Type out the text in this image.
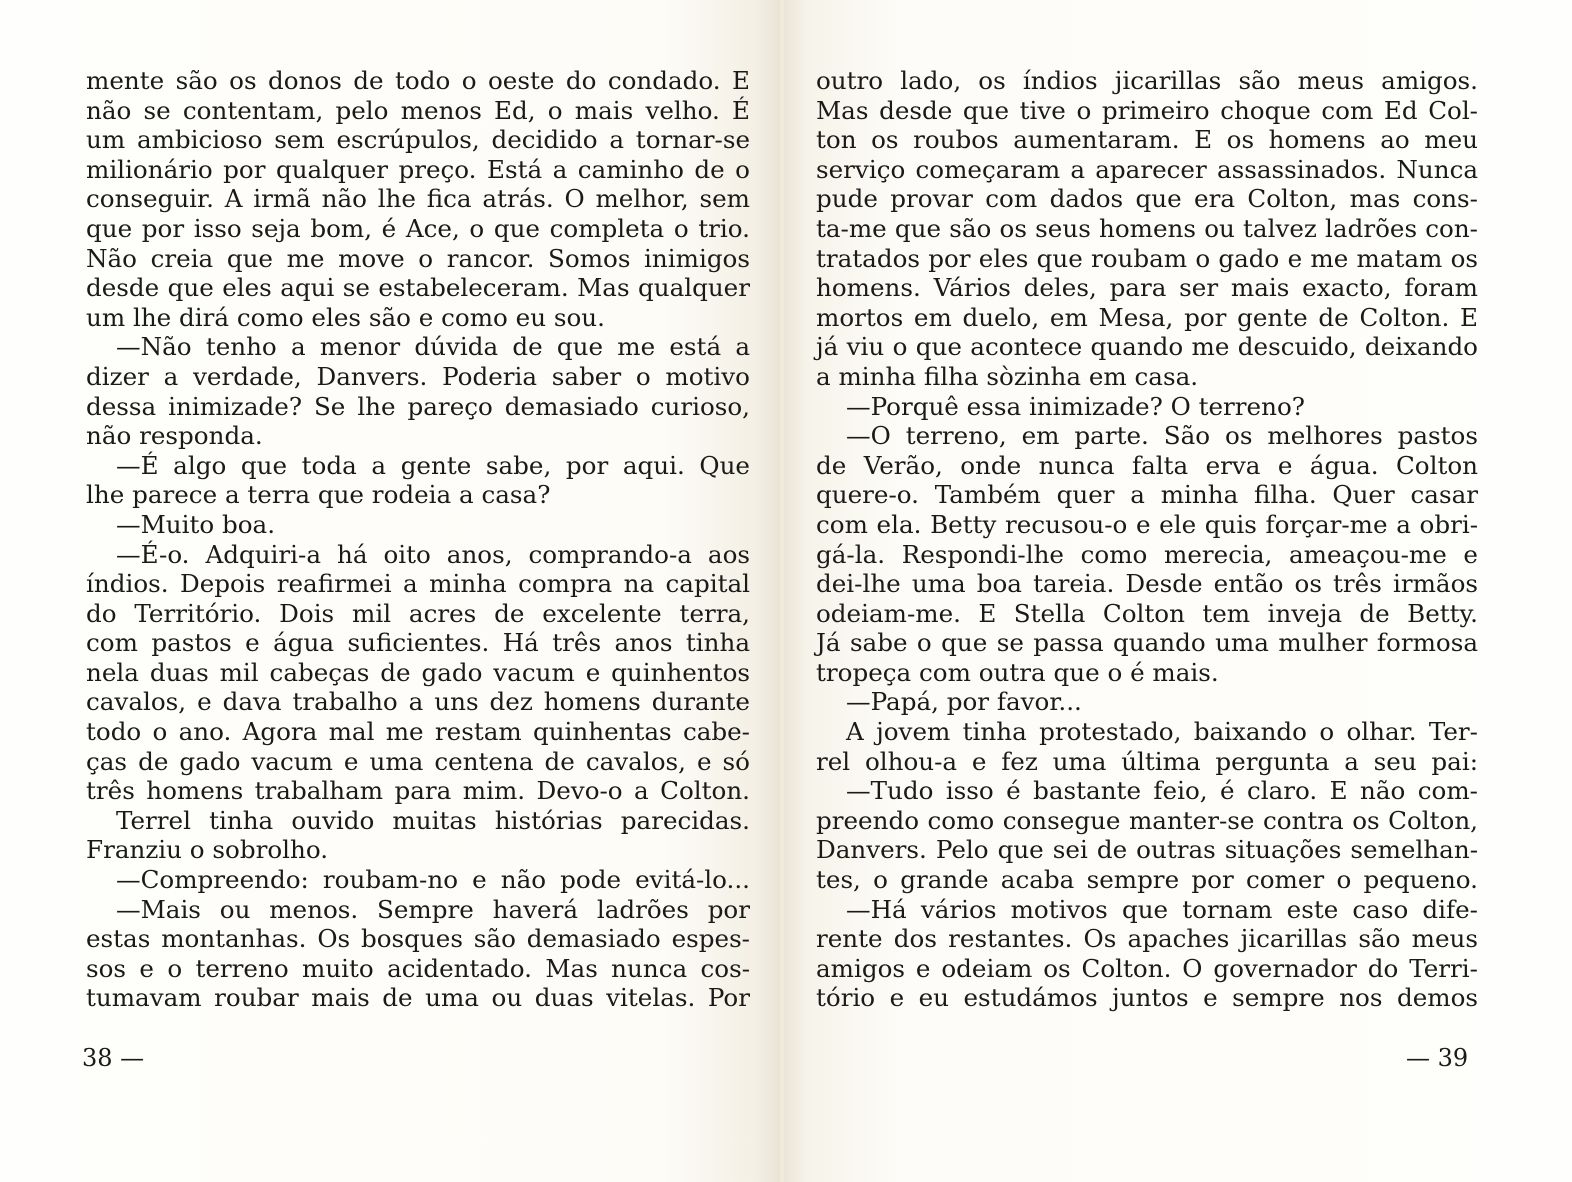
mente são os donos de todo o oeste do condado. E
não se contentam, pelo menos Ed, o mais velho. É
um ambicioso sem escrúpulos, decidido a tornar-se
milionário por qualquer preço. Está a caminho de o
conseguir. A irmã não lhe fica atrás. O melhor, sem
que por isso seja bom, é Ace, o que completa o trio.
Não creia que me move o rancor. Somos inimigos
desde que eles aqui se estabeleceram. Mas qualquer
um lhe dirá como eles são e como eu sou.
—Não tenho a menor dúvida de que me está a
dizer a verdade, Danvers. Poderia saber o motivo
dessa inimizade? Se lhe pareço demasiado curioso,
não responda.
—É algo que toda a gente sabe, por aqui. Que
lhe parece a terra que rodeia a casa?
—Muito boa.
—É-o. Adquiri-a há oito anos, comprando-a aos
índios. Depois reafirmei a minha compra na capital
do Território. Dois mil acres de excelente terra,
com pastos e água suficientes. Há três anos tinha
nela duas mil cabeças de gado vacum e quinhentos
cavalos, e dava trabalho a uns dez homens durante
todo o ano. Agora mal me restam quinhentas cabe-
ças de gado vacum e uma centena de cavalos, e só
três homens trabalham para mim. Devo-o a Colton.
Terrel tinha ouvido muitas histórias parecidas.
Franziu o sobrolho.
—Compreendo: roubam-no e não pode evitá-lo...
—Mais ou menos. Sempre haverá ladrões por
estas montanhas. Os bosques são demasiado espes-
sos e o terreno muito acidentado. Mas nunca cos-
tumavam roubar mais de uma ou duas vitelas. Por
38 —
outro lado, os índios jicarillas são meus amigos.
Mas desde que tive o primeiro choque com Ed Col-
ton os roubos aumentaram. E os homens ao meu
serviço começaram a aparecer assassinados. Nunca
pude provar com dados que era Colton, mas cons-
ta-me que são os seus homens ou talvez ladrões con-
tratados por eles que roubam o gado e me matam os
homens. Vários deles, para ser mais exacto, foram
mortos em duelo, em Mesa, por gente de Colton. E
já viu o que acontece quando me descuido, deixando
a minha filha sòzinha em casa.
—Porquê essa inimizade? O terreno?
—O terreno, em parte. São os melhores pastos
de Verão, onde nunca falta erva e água. Colton
quere-o. Também quer a minha filha. Quer casar
com ela. Betty recusou-o e ele quis forçar-me a obri-
gá-la. Respondi-lhe como merecia, ameaçou-me e
dei-lhe uma boa tareia. Desde então os três irmãos
odeiam-me. E Stella Colton tem inveja de Betty.
Já sabe o que se passa quando uma mulher formosa
tropeça com outra que o é mais.
—Papá, por favor...
A jovem tinha protestado, baixando o olhar. Ter-
rel olhou-a e fez uma última pergunta a seu pai:
—Tudo isso é bastante feio, é claro. E não com-
preendo como consegue manter-se contra os Colton,
Danvers. Pelo que sei de outras situações semelhan-
tes, o grande acaba sempre por comer o pequeno.
—Há vários motivos que tornam este caso dife-
rente dos restantes. Os apaches jicarillas são meus
amigos e odeiam os Colton. O governador do Terri-
tório e eu estudámos juntos e sempre nos demos
— 39
